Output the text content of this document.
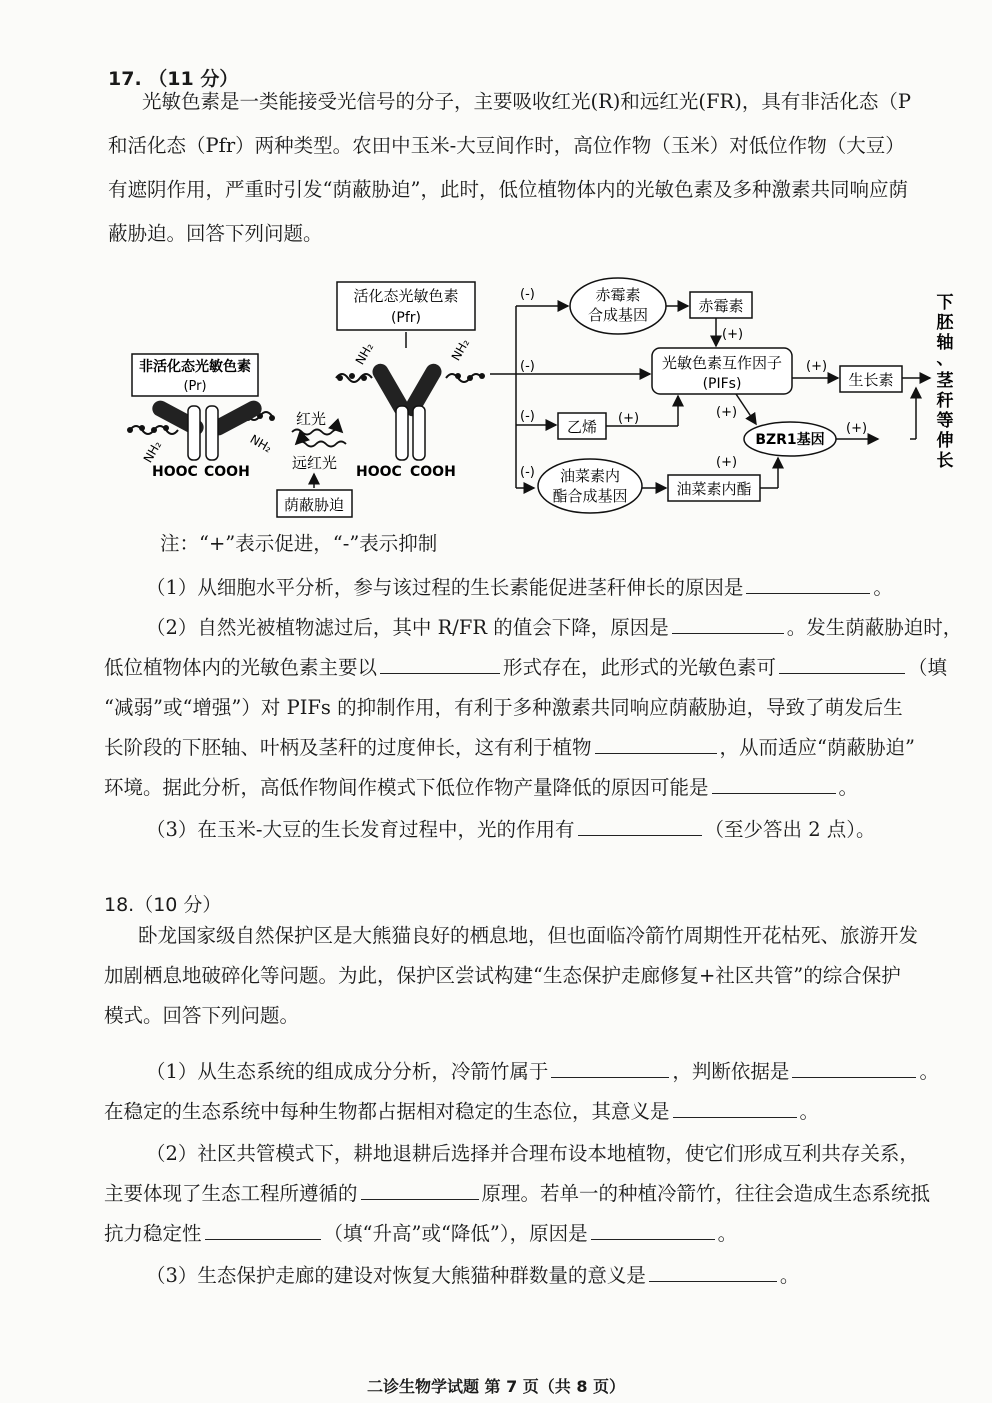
17. （11 分）
光敏色素是一类能接受光信号的分子，主要吸收红光(R)和远红光(FR)，具有非活化态（P
和活化态（Pfr）两种类型。农田中玉米-大豆间作时，高位作物（玉米）对低位作物（大豆）
有遮阴作用，严重时引发“荫蔽胁迫”，此时，低位植物体内的光敏色素及多种激素共同响应荫
蔽胁迫。回答下列问题。
活化态光敏色素
(Pfr)
非活化态光敏色素
(Pr)
NH₂	NH₂
HOOC COOH
红光
远红光
荫蔽胁迫
NH₂	NH₂
HOOC COOH
(-)
(-)
(-)
(-)
赤霉素
合成基因	赤霉素
(+)
光敏色素互作因子
(PIFs)
(+)
生长素
乙烯 (+)	(+)
BZR1基因
(+)
油菜素内
酯合成基因	油菜素内酯
(+)
下
胚
轴
、
茎
秆
等
伸
长
注：“+”表示促进，“-”表示抑制
（1）从细胞水平分析，参与该过程的生长素能促进茎秆伸长的原因是	。
（2）自然光被植物滤过后，其中 R/FR 的值会下降，原因是	。发生荫蔽胁迫时，
低位植物体内的光敏色素主要以	形式存在，此形式的光敏色素可	（填
“减弱”或“增强”）对 PIFs 的抑制作用，有利于多种激素共同响应荫蔽胁迫，导致了萌发后生
长阶段的下胚轴、叶柄及茎秆的过度伸长，这有利于植物	，从而适应“荫蔽胁迫”
环境。据此分析，高低作物间作模式下低位作物产量降低的原因可能是	。
（3）在玉米-大豆的生长发育过程中，光的作用有	（至少答出 2 点）。
18.（10 分）
卧龙国家级自然保护区是大熊猫良好的栖息地，但也面临冷箭竹周期性开花枯死、旅游开发
加剧栖息地破碎化等问题。为此，保护区尝试构建“生态保护走廊修复+社区共管”的综合保护
模式。回答下列问题。
（1）从生态系统的组成成分分析，冷箭竹属于	，判断依据是	。
在稳定的生态系统中每种生物都占据相对稳定的生态位，其意义是	。
（2）社区共管模式下，耕地退耕后选择并合理布设本地植物，使它们形成互利共存关系，
主要体现了生态工程所遵循的	原理。若单一的种植冷箭竹，往往会造成生态系统抵
抗力稳定性	（填“升高”或“降低”），原因是	。
（3）生态保护走廊的建设对恢复大熊猫种群数量的意义是	。
二诊生物学试题 第 7 页（共 8 页）
